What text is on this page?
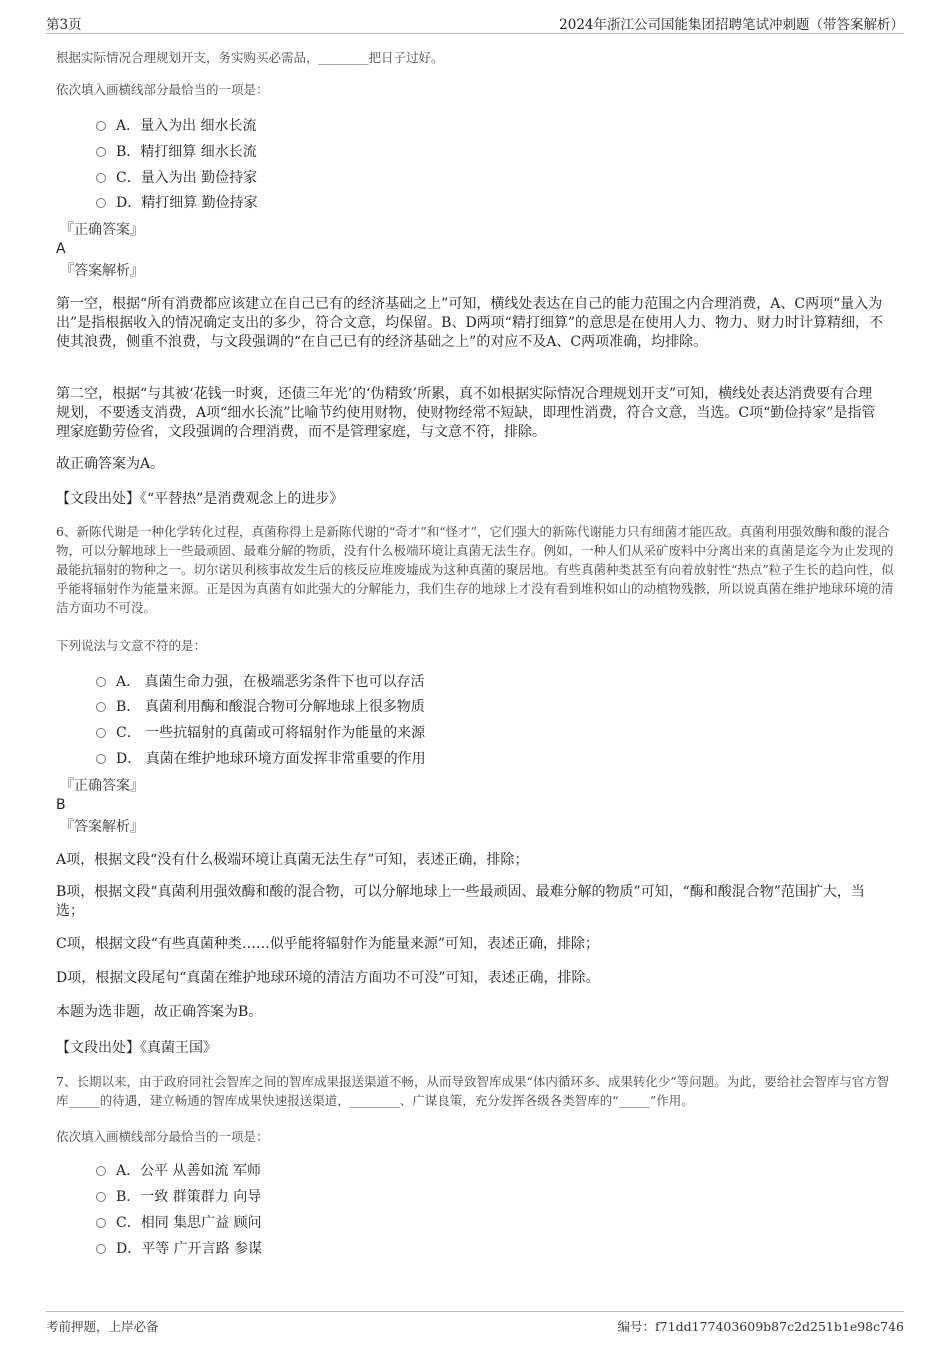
第3页	2024年浙江公司国能集团招聘笔试冲刺题（带答案解析）

根据实际情况合理规划开支，务实购买必需品，________把日子过好。

依次填入画横线部分最恰当的一项是：

A．量入为出 细水长流
B．精打细算 细水长流
C．量入为出 勤俭持家
D．精打细算 勤俭持家
『正确答案』
A
『答案解析』

第一空，根据“所有消费都应该建立在自己已有的经济基础之上”可知，横线处表达在自己的能力范围之内合理消费，A、C两项“量入为出”是指根据收入的情况确定支出的多少，符合文意，均保留。B、D两项“精打细算”的意思是在使用人力、物力、财力时计算精细，不使其浪费，侧重不浪费，与文段强调的“在自己已有的经济基础之上”的对应不及A、C两项准确，均排除。

第二空，根据“与其被‘花钱一时爽，还债三年光’的‘伪精致’所累，真不如根据实际情况合理规划开支”可知，横线处表达消费要有合理规划，不要透支消费，A项“细水长流”比喻节约使用财物，使财物经常不短缺，即理性消费，符合文意，当选。C项“勤俭持家”是指管理家庭勤劳俭省，文段强调的合理消费，而不是管理家庭，与文意不符，排除。

故正确答案为A。

【文段出处】《“平替热”是消费观念上的进步》

6、新陈代谢是一种化学转化过程，真菌称得上是新陈代谢的“奇才”和“怪才”，它们强大的新陈代谢能力只有细菌才能匹敌。真菌利用强效酶和酸的混合物，可以分解地球上一些最顽固、最难分解的物质，没有什么极端环境让真菌无法生存。例如，一种人们从采矿废料中分离出来的真菌是迄今为止发现的最能抗辐射的物种之一。切尔诺贝利核事故发生后的核反应堆废墟成为这种真菌的聚居地。有些真菌种类甚至有向着放射性“热点”粒子生长的趋向性，似乎能将辐射作为能量来源。正是因为真菌有如此强大的分解能力，我们生存的地球上才没有看到堆积如山的动植物残骸，所以说真菌在维护地球环境的清洁方面功不可没。

下列说法与文意不符的是：

A． 真菌生命力强，在极端恶劣条件下也可以存活
B． 真菌利用酶和酸混合物可分解地球上很多物质
C． 一些抗辐射的真菌或可将辐射作为能量的来源
D． 真菌在维护地球环境方面发挥非常重要的作用
『正确答案』
B
『答案解析』

A项，根据文段“没有什么极端环境让真菌无法生存”可知，表述正确，排除；

B项，根据文段“真菌利用强效酶和酸的混合物，可以分解地球上一些最顽固、最难分解的物质”可知，“酶和酸混合物”范围扩大，当选；

C项，根据文段“有些真菌种类……似乎能将辐射作为能量来源”可知，表述正确，排除；

D项，根据文段尾句“真菌在维护地球环境的清洁方面功不可没”可知，表述正确，排除。

本题为选非题，故正确答案为B。

【文段出处】《真菌王国》

7、长期以来，由于政府同社会智库之间的智库成果报送渠道不畅，从而导致智库成果“体内循环多、成果转化少”等问题。为此，要给社会智库与官方智库_____的待遇，建立畅通的智库成果快速报送渠道，________、广谋良策，充分发挥各级各类智库的“_____”作用。

依次填入画横线部分最恰当的一项是：

A．公平 从善如流 军师
B．一致 群策群力 向导
C．相同 集思广益 顾问
D．平等 广开言路 参谋
考前押题，上岸必备	编号：f71dd177403609b87c2d251b1e98c746
